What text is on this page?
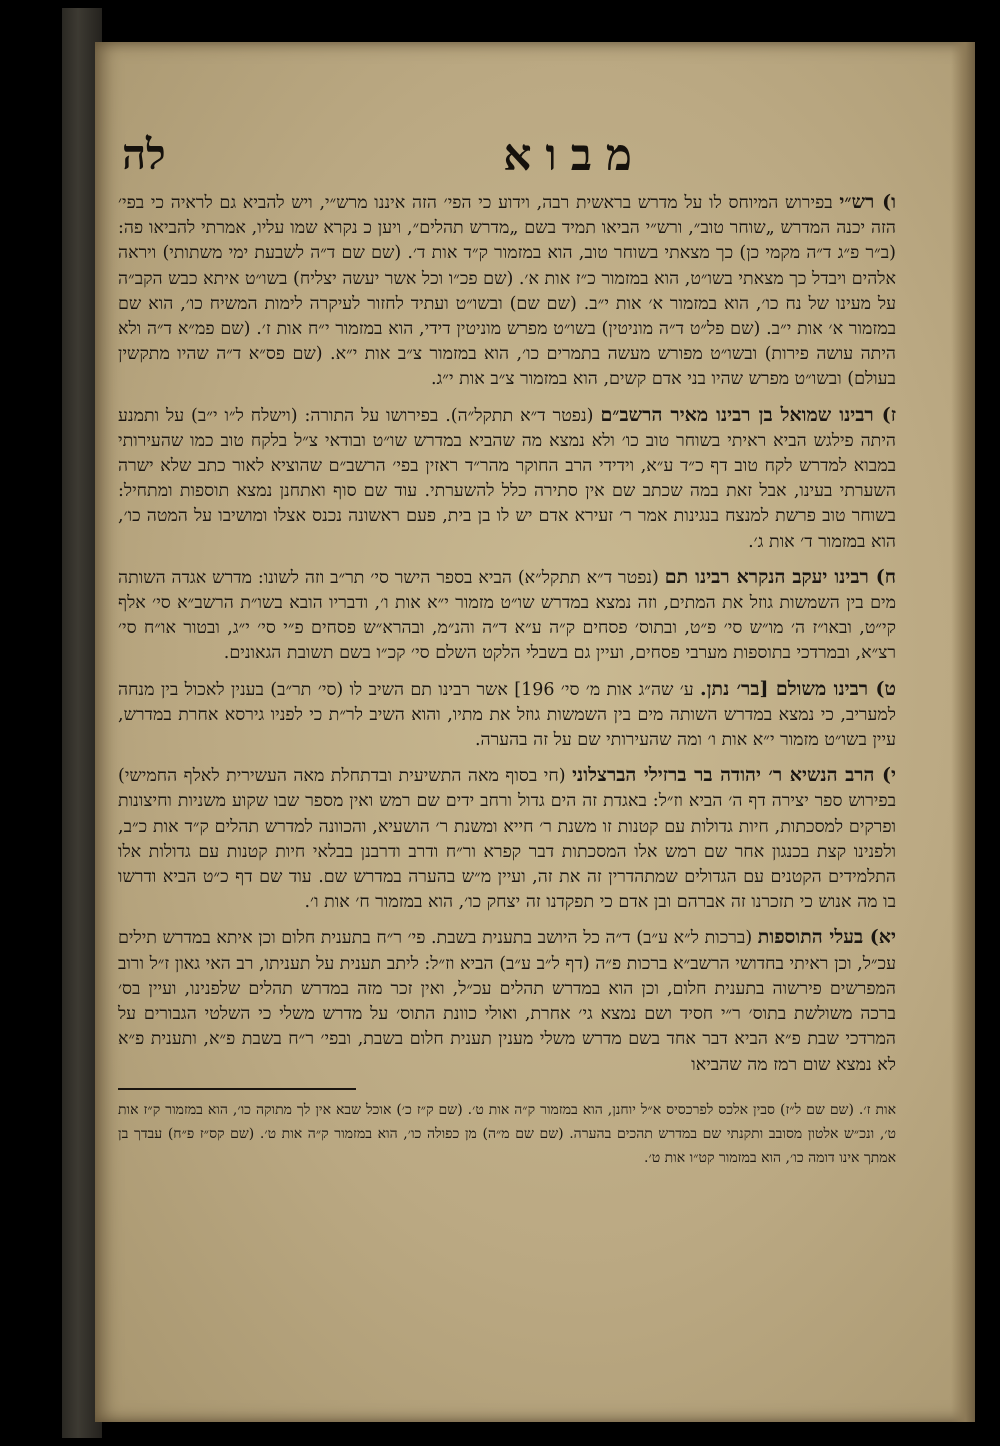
מבוא
לה

ו) רש״י בפירוש המיוחס לו על מדרש בראשית רבה, וידוע כי הפי׳ הזה איננו מרש״י, ויש להביא גם לראיה כי בפי׳ הזה יכנה המדרש „שוחר טוב״, ורש״י הביאו תמיד בשם „מדרש תהלים״, ויען כ נקרא שמו עליו, אמרתי להביאו פה: (ב״ר פ״ג ד״ה מקמי כן) כך מצאתי בשוחר טוב, הוא במזמור ק״ד אות ד׳. (שם שם ד״ה לשבעת ימי משתותי) ויראה אלהים ויבדל כך מצאתי בשו״ט, הוא במזמור כ״ז אות א׳. (שם פכ״ו וכל אשר יעשה יצליח) בשו״ט איתא כבש הקב״ה על מעינו של נח כו׳, הוא במזמור א׳ אות י״ב. (שם שם) ובשו״ט ועתיד לחזור לעיקרה לימות המשיח כו׳, הוא שם במזמור א׳ אות י״ב. (שם פל״ט ד״ה מוניטין) בשו״ט מפרש מוניטין דידי, הוא במזמור י״ח אות ז׳. (שם פמ״א ד״ה ולא היתה עושה פירות) ובשו״ט מפורש מעשה בתמרים כו׳, הוא במזמור צ״ב אות י״א. (שם פס״א ד״ה שהיו מתקשין בעולם) ובשו״ט מפרש שהיו בני אדם קשים, הוא במזמור צ״ב אות י״ג.

ז) רבינו שמואל בן רבינו מאיר הרשב״ם (נפטר ד״א תתקל״ה). בפירושו על התורה: (וישלח ל״ו י״ב) על ותמנע היתה פילגש הביא ראיתי בשוחר טוב כו׳ ולא נמצא מה שהביא במדרש שו״ט ובודאי צ״ל בלקח טוב כמו שהעירותי במבוא למדרש לקח טוב דף כ״ד ע״א, וידידי הרב החוקר מהר״ד ראזין בפי׳ הרשב״ם שהוציא לאור כתב שלא ישרה השערתי בעינו, אבל זאת במה שכתב שם אין סתירה כלל להשערתי. עוד שם סוף ואתחנן נמצא תוספות ומתחיל: בשוחר טוב פרשת למנצח בנגינות אמר ר׳ זעירא אדם יש לו בן בית, פעם ראשונה נכנס אצלו ומושיבו על המטה כו׳, הוא במזמור ד׳ אות ג׳.

ח) רבינו יעקב הנקרא רבינו תם (נפטר ד״א תתקל״א) הביא בספר הישר סי׳ תר״ב וזה לשונו: מדרש אגדה השותה מים בין השמשות גוזל את המתים, וזה נמצא במדרש שו״ט מזמור י״א אות ו׳, ודבריו הובא בשו״ת הרשב״א סי׳ אלף קי״ט, ובאו״ז ה׳ מו״ש סי׳ פ״ט, ובתוס׳ פסחים ק״ה ע״א ד״ה והנ״מ, ובהרא״ש פסחים פ״י סי׳ י״ג, ובטור או״ח סי׳ רצ״א, ובמרדכי בתוספות מערבי פסחים, ועיין גם בשבלי הלקט השלם סי׳ קכ״ו בשם תשובת הגאונים.

ט) רבינו משולם [בר׳ נתן. ע׳ שה״ג אות מ׳ סי׳ 196] אשר רבינו תם השיב לו (סי׳ תר״ב) בענין לאכול בין מנחה למעריב, כי נמצא במדרש השותה מים בין השמשות גוזל את מתיו, והוא השיב לר״ת כי לפניו גירסא אחרת במדרש, עיין בשו״ט מזמור י״א אות ו׳ ומה שהעירותי שם על זה בהערה.

י) הרב הנשיא ר׳ יהודה בר ברזילי הברצלוני (חי בסוף מאה התשיעית ובדתחלת מאה העשירית לאלף החמישי) בפירוש ספר יצירה דף ה׳ הביא וז״ל: באגדת זה הים גדול ורחב ידים שם רמש ואין מספר שבו שקוע משניות וחיצונות ופרקים למסכתות, חיות גדולות עם קטנות זו משנת ר׳ חייא ומשנת ר׳ הושעיא, והכוונה למדרש תהלים ק״ד אות כ״ב, ולפנינו קצת בכנגון אחר שם רמש אלו המסכתות דבר קפרא ור״ח ודרב ודרבנן בבלאי חיות קטנות עם גדולות אלו התלמידים הקטנים עם הגדולים שמתהדרין זה את זה, ועיין מ״ש בהערה במדרש שם. עוד שם דף כ״ט הביא ודרשו בו מה אנוש כי תזכרנו זה אברהם ובן אדם כי תפקדנו זה יצחק כו׳, הוא במזמור ח׳ אות ו׳.

יא) בעלי התוספות (ברכות ל״א ע״ב) ד״ה כל היושב בתענית בשבת. פי׳ ר״ח בתענית חלום וכן איתא במדרש תילים עכ״ל, וכן ראיתי בחדושי הרשב״א ברכות פ״ה (דף ל״ב ע״ב) הביא וז״ל: ליתב תענית על תעניתו, רב האי גאון ז״ל ורוב המפרשים פירשוה בתענית חלום, וכן הוא במדרש תהלים עכ״ל, ואין זכר מזה במדרש תהלים שלפנינו, ועיין בס׳ ברכה משולשת בתוס׳ ר״י חסיד ושם נמצא גי׳ אחרת, ואולי כוונת התוס׳ על מדרש משלי כי השלטי הגבורים על המרדכי שבת פ״א הביא דבר אחד בשם מדרש משלי מענין תענית חלום בשבת, ובפי׳ ר״ח בשבת פ״א, ותענית פ״א לא נמצא שום רמז מה שהביאו

אות ז׳. (שם שם ל״ז) סבין אלכס לפרכסיס א״ל יוחנן, הוא במזמור ק״ה אות ט׳. (שם ק״ז כ׳) אוכל שבא אין לך מתוקה כו׳, הוא במזמור ק״ז אות ט׳, ונכ״ש אלטון מסובב ותקנתי שם במדרש תהכים בהערה. (שם שם מ״ה) מן כפולה כו׳, הוא במזמור ק״ה אות ט׳. (שם קס״ז פ״ח) עבדך בן אמתך אינו דומה כו׳, הוא במזמור קט״ו אות ט׳.
